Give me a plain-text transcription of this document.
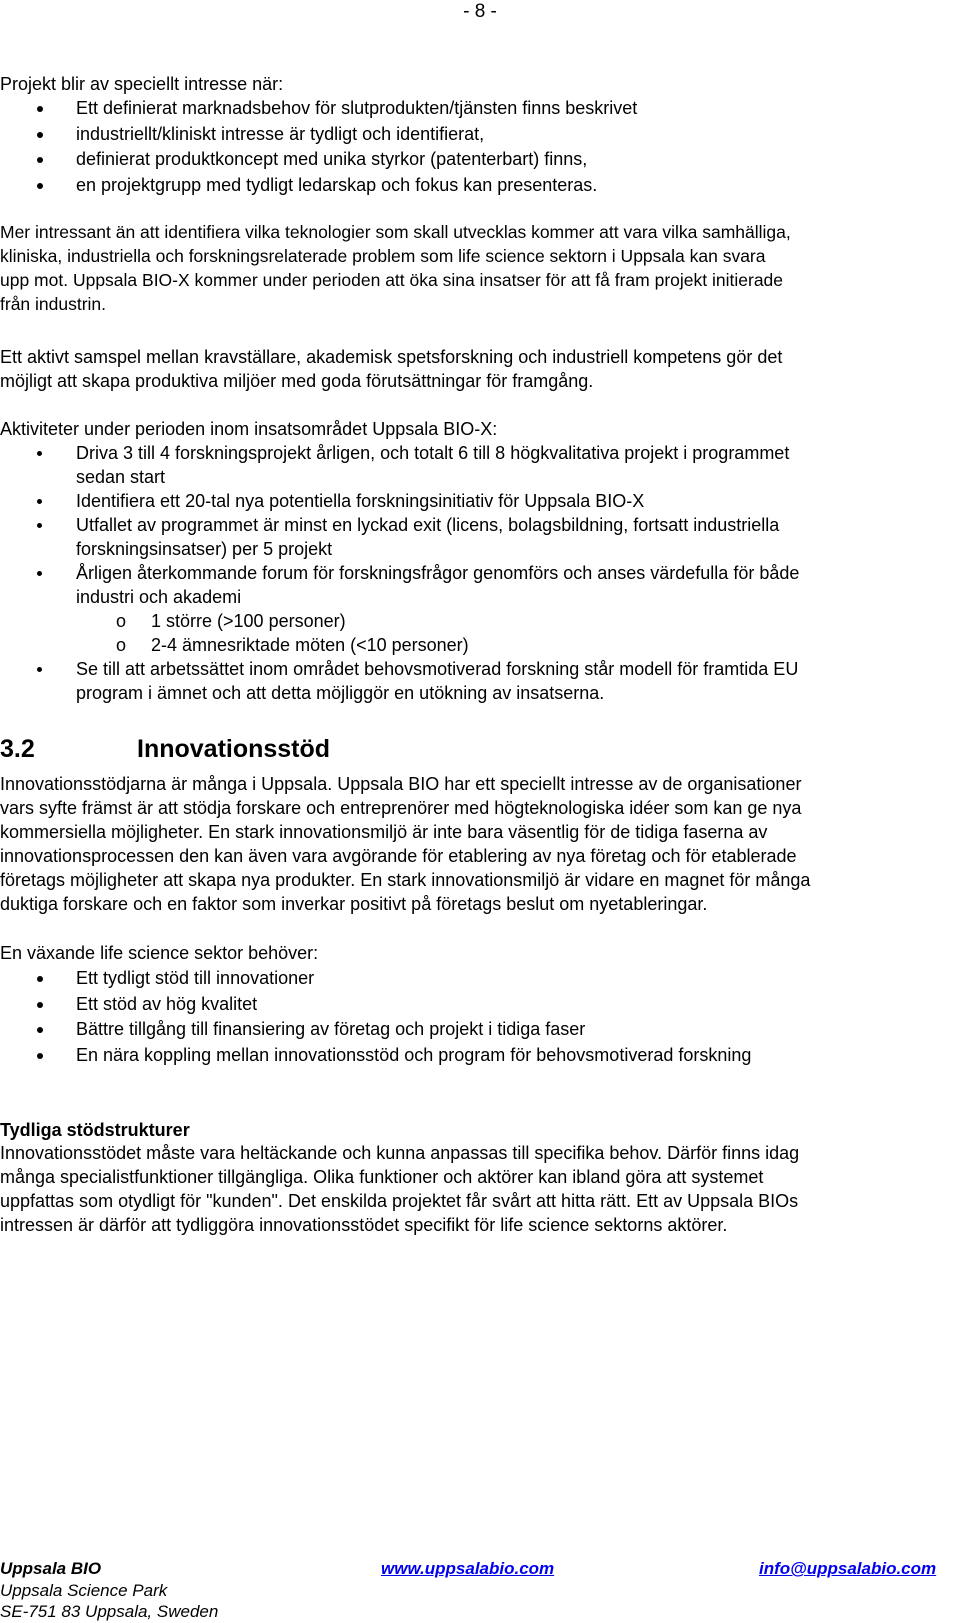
- 8 -
Projekt blir av speciellt intresse när:
Ett definierat marknadsbehov för slutprodukten/tjänsten finns beskrivet
industriellt/kliniskt intresse är tydligt och identifierat,
definierat produktkoncept med unika styrkor (patenterbart) finns,
en projektgrupp med tydligt ledarskap och fokus kan presenteras.
Mer intressant än att identifiera vilka teknologier som skall utvecklas kommer att vara vilka samhälliga,
kliniska, industriella och forskningsrelaterade problem som life science sektorn i Uppsala kan svara
upp mot. Uppsala BIO-X kommer under perioden att öka sina insatser för att få fram projekt initierade
från industrin.
Ett aktivt samspel mellan kravställare, akademisk spetsforskning och industriell kompetens gör det
möjligt att skapa produktiva miljöer med goda förutsättningar för framgång.
Aktiviteter under perioden inom insatsområdet Uppsala BIO-X:
Driva 3 till 4 forskningsprojekt årligen, och totalt 6 till 8 högkvalitativa projekt i programmet
sedan start
Identifiera ett 20-tal nya potentiella forskningsinitiativ för Uppsala BIO-X
Utfallet av programmet är minst en lyckad exit (licens, bolagsbildning, fortsatt industriella
forskningsinsatser) per 5 projekt
Årligen återkommande forum för forskningsfrågor genomförs och anses värdefulla för både
industri och akademi
o 1 större (>100 personer)
o 2-4 ämnesriktade möten (<10 personer)
Se till att arbetssättet inom området behovsmotiverad forskning står modell för framtida EU
program i ämnet och att detta möjliggör en utökning av insatserna.
3.2	Innovationsstöd
Innovationsstödjarna är många i Uppsala. Uppsala BIO har ett speciellt intresse av de organisationer
vars syfte främst är att stödja forskare och entreprenörer med högteknologiska idéer som kan ge nya
kommersiella möjligheter. En stark innovationsmiljö är inte bara väsentlig för de tidiga faserna av
innovationsprocessen den kan även vara avgörande för etablering av nya företag och för etablerade
företags möjligheter att skapa nya produkter. En stark innovationsmiljö är vidare en magnet för många
duktiga forskare och en faktor som inverkar positivt på företags beslut om nyetableringar.
En växande life science sektor behöver:
Ett tydligt stöd till innovationer
Ett stöd av hög kvalitet
Bättre tillgång till finansiering av företag och projekt i tidiga faser
En nära koppling mellan innovationsstöd och program för behovsmotiverad forskning
Tydliga stödstrukturer
Innovationsstödet måste vara heltäckande och kunna anpassas till specifika behov. Därför finns idag
många specialistfunktioner tillgängliga. Olika funktioner och aktörer kan ibland göra att systemet
uppfattas som otydligt för "kunden". Det enskilda projektet får svårt att hitta rätt. Ett av Uppsala BIOs
intressen är därför att tydliggöra innovationsstödet specifikt för life science sektorns aktörer.
Uppsala BIO
Uppsala Science Park
SE-751 83 Uppsala, Sweden
www.uppsalabio.com	info@uppsalabio.com
